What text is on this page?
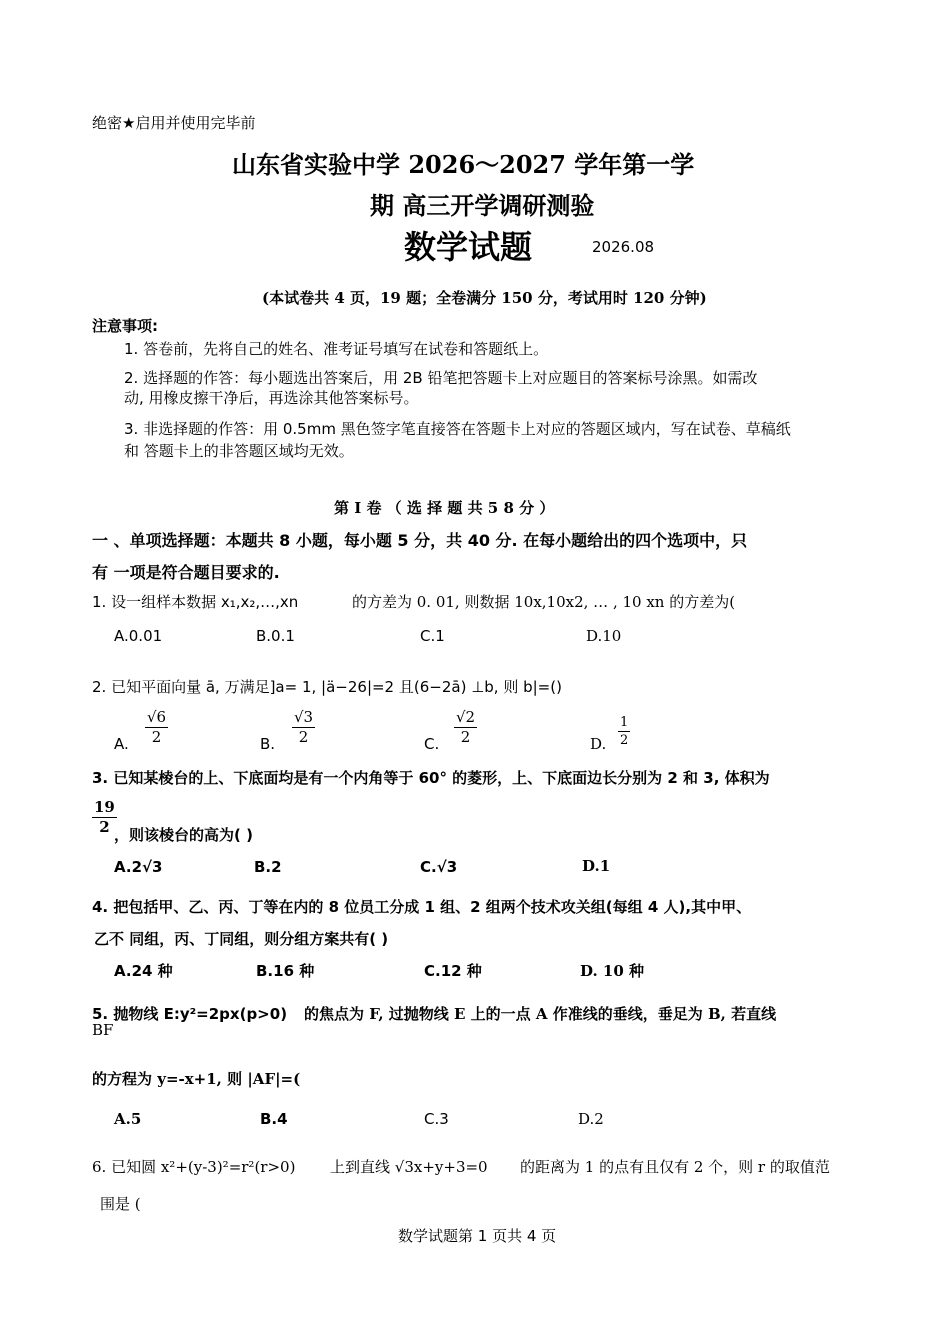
绝密★启用并使用完毕前
山东省实验中学 2026～2027 学年第一学
期 高三开学调研测验
数学试题	2026.08
(本试卷共 4 页，19 题；全卷满分 150 分，考试用时 120 分钟)
注意事项:
1. 答卷前，先将自己的姓名、准考证号填写在试卷和答题纸上。
2. 选择题的作答：每小题选出答案后，用 2B 铅笔把答题卡上对应题目的答案标号涂黑。如需改
动, 用橡皮擦干净后，再选涂其他答案标号。
3. 非选择题的作答：用 0.5mm 黑色签字笔直接答在答题卡上对应的答题区域内，写在试卷、草稿纸
和 答题卡上的非答题区域均无效。
第 I 卷 （ 选 择 题 共 5 8 分 ）
一 、单项选择题：本题共 8 小题，每小题 5 分，共 40 分. 在每小题给出的四个选项中，只
有 一项是符合题目要求的.
1. 设一组样本数据 x₁,x₂,…,xn	的方差为 0. 01, 则数据 10x,10x2, … , 10 xn 的方差为(
A.0.01	B.0.1	C.1	D.10
2. 已知平面向量 ā, 万满足]a= 1, |ä−26|=2 且(6−2ā) ⊥b, 则 b|=()
A. $\frac{√6}{2}$	B. $\frac{√3}{2}$	C. $\frac{√2}{2}$	D. $\frac{1}{2}$
3. 已知某棱台的上、下底面均是有一个内角等于 60° 的菱形，上、下底面边长分别为 2 和 3, 体积为
$\frac{19}{2}$
，则该棱台的高为( )
A.2√3	B.2	C.√3	D.1
4. 把包括甲、乙、丙、丁等在内的 8 位员工分成 1 组、2 组两个技术攻关组(每组 4 人),其中甲、
乙不 同组，丙、丁同组，则分组方案共有( )
A.24 种	B.16 种	C.12 种	D. 10 种
5. 抛物线 E:y²=2px(p>0) 的焦点为 F, 过抛物线 E 上的一点 A 作准线的垂线，垂足为 B, 若直线
BF
的方程为 y=-x+1, 则 |AF|=(
A.5	B.4	C.3	D.2
6. 已知圆 x²+(y-3)²=r²(r>0) 上到直线 √3x+y+3=0 的距离为 1 的点有且仅有 2 个，则 r 的取值范
围是 (
数学试题第 1 页共 4 页
